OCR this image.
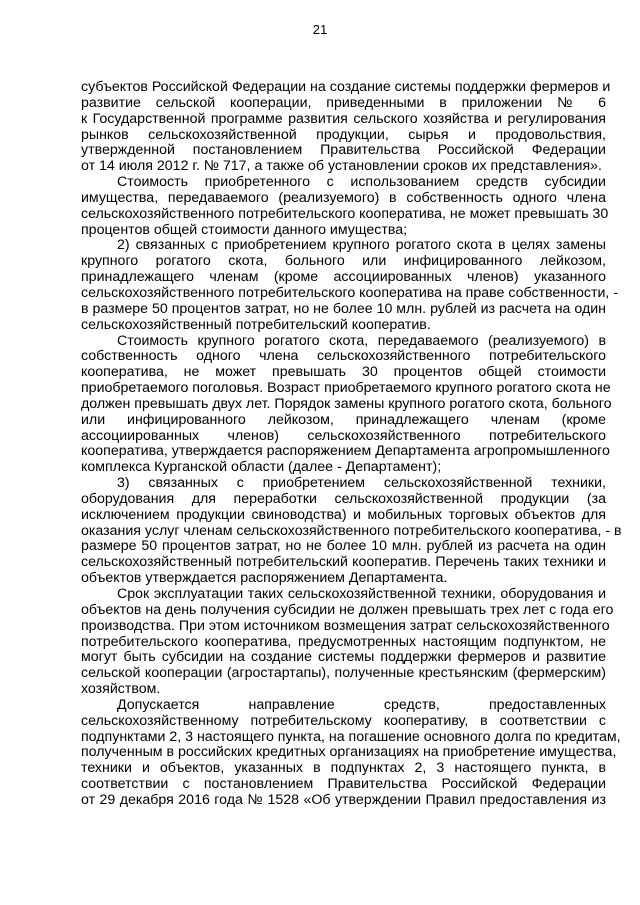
21
субъектов Российской Федерации на создание системы поддержки фермеров и
развитие сельской кооперации, приведенными в приложении № 6
к Государственной программе развития сельского хозяйства и регулирования
рынков сельскохозяйственной продукции, сырья и продовольствия,
утвержденной постановлением Правительства Российской Федерации
от 14 июля 2012 г. № 717, а также об установлении сроков их представления».
Стоимость приобретенного с использованием средств субсидии
имущества, передаваемого (реализуемого) в собственность одного члена
сельскохозяйственного потребительского кооператива, не может превышать 30
процентов общей стоимости данного имущества;
2) связанных с приобретением крупного рогатого скота в целях замены
крупного рогатого скота, больного или инфицированного лейкозом,
принадлежащего членам (кроме ассоциированных членов) указанного
сельскохозяйственного потребительского кооператива на праве собственности, -
в размере 50 процентов затрат, но не более 10 млн. рублей из расчета на один
сельскохозяйственный потребительский кооператив.
Стоимость крупного рогатого скота, передаваемого (реализуемого) в
собственность одного члена сельскохозяйственного потребительского
кооператива, не может превышать 30 процентов общей стоимости
приобретаемого поголовья. Возраст приобретаемого крупного рогатого скота не
должен превышать двух лет. Порядок замены крупного рогатого скота, больного
или инфицированного лейкозом, принадлежащего членам (кроме
ассоциированных членов) сельскохозяйственного потребительского
кооператива, утверждается распоряжением Департамента агропромышленного
комплекса Курганской области (далее - Департамент);
3) связанных с приобретением сельскохозяйственной техники,
оборудования для переработки сельскохозяйственной продукции (за
исключением продукции свиноводства) и мобильных торговых объектов для
оказания услуг членам сельскохозяйственного потребительского кооператива, - в
размере 50 процентов затрат, но не более 10 млн. рублей из расчета на один
сельскохозяйственный потребительский кооператив. Перечень таких техники и
объектов утверждается распоряжением Департамента.
Срок эксплуатации таких сельскохозяйственной техники, оборудования и
объектов на день получения субсидии не должен превышать трех лет с года его
производства. При этом источником возмещения затрат сельскохозяйственного
потребительского кооператива, предусмотренных настоящим подпунктом, не
могут быть субсидии на создание системы поддержки фермеров и развитие
сельской кооперации (агростартапы), полученные крестьянским (фермерским)
хозяйством.
Допускается направление средств, предоставленных
сельскохозяйственному потребительскому кооперативу, в соответствии с
подпунктами 2, 3 настоящего пункта, на погашение основного долга по кредитам,
полученным в российских кредитных организациях на приобретение имущества,
техники и объектов, указанных в подпунктах 2, 3 настоящего пункта, в
соответствии с постановлением Правительства Российской Федерации
от 29 декабря 2016 года № 1528 «Об утверждении Правил предоставления из
